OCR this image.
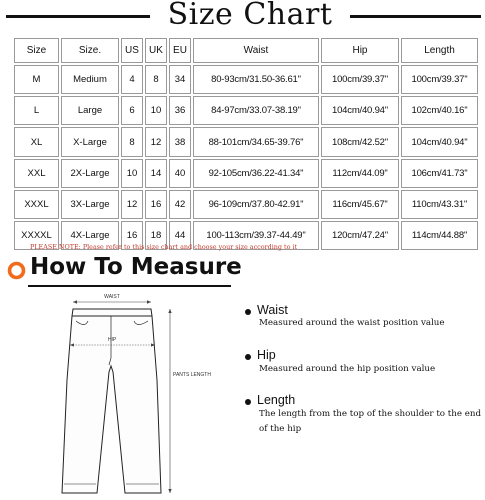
Size Chart
Size	Size.	US	UK	EU	Waist	Hip	Length
M	Medium	4	8	34	80-93cm/31.50-36.61''	100cm/39.37''	100cm/39.37''
L	Large	6	10	36	84-97cm/33.07-38.19''	104cm/40.94''	102cm/40.16''
XL	X-Large	8	12	38	88-101cm/34.65-39.76''	108cm/42.52''	104cm/40.94''
XXL	2X-Large	10	14	40	92-105cm/36.22-41.34''	112cm/44.09''	106cm/41.73''
XXXL	3X-Large	12	16	42	96-109cm/37.80-42.91''	116cm/45.67''	110cm/43.31''
XXXXL	4X-Large	16	18	44	100-113cm/39.37-44.49''	120cm/47.24''	114cm/44.88''
PLEASE NOTE: Please refer to this size chart and choose your size according to it
How To Measure
WAIST
HIP
PANTS LENGTH
Waist
Measured around the waist position value
Hip
Measured around the hip position value
Length
The length from the top of the shoulder to the end of the hip
